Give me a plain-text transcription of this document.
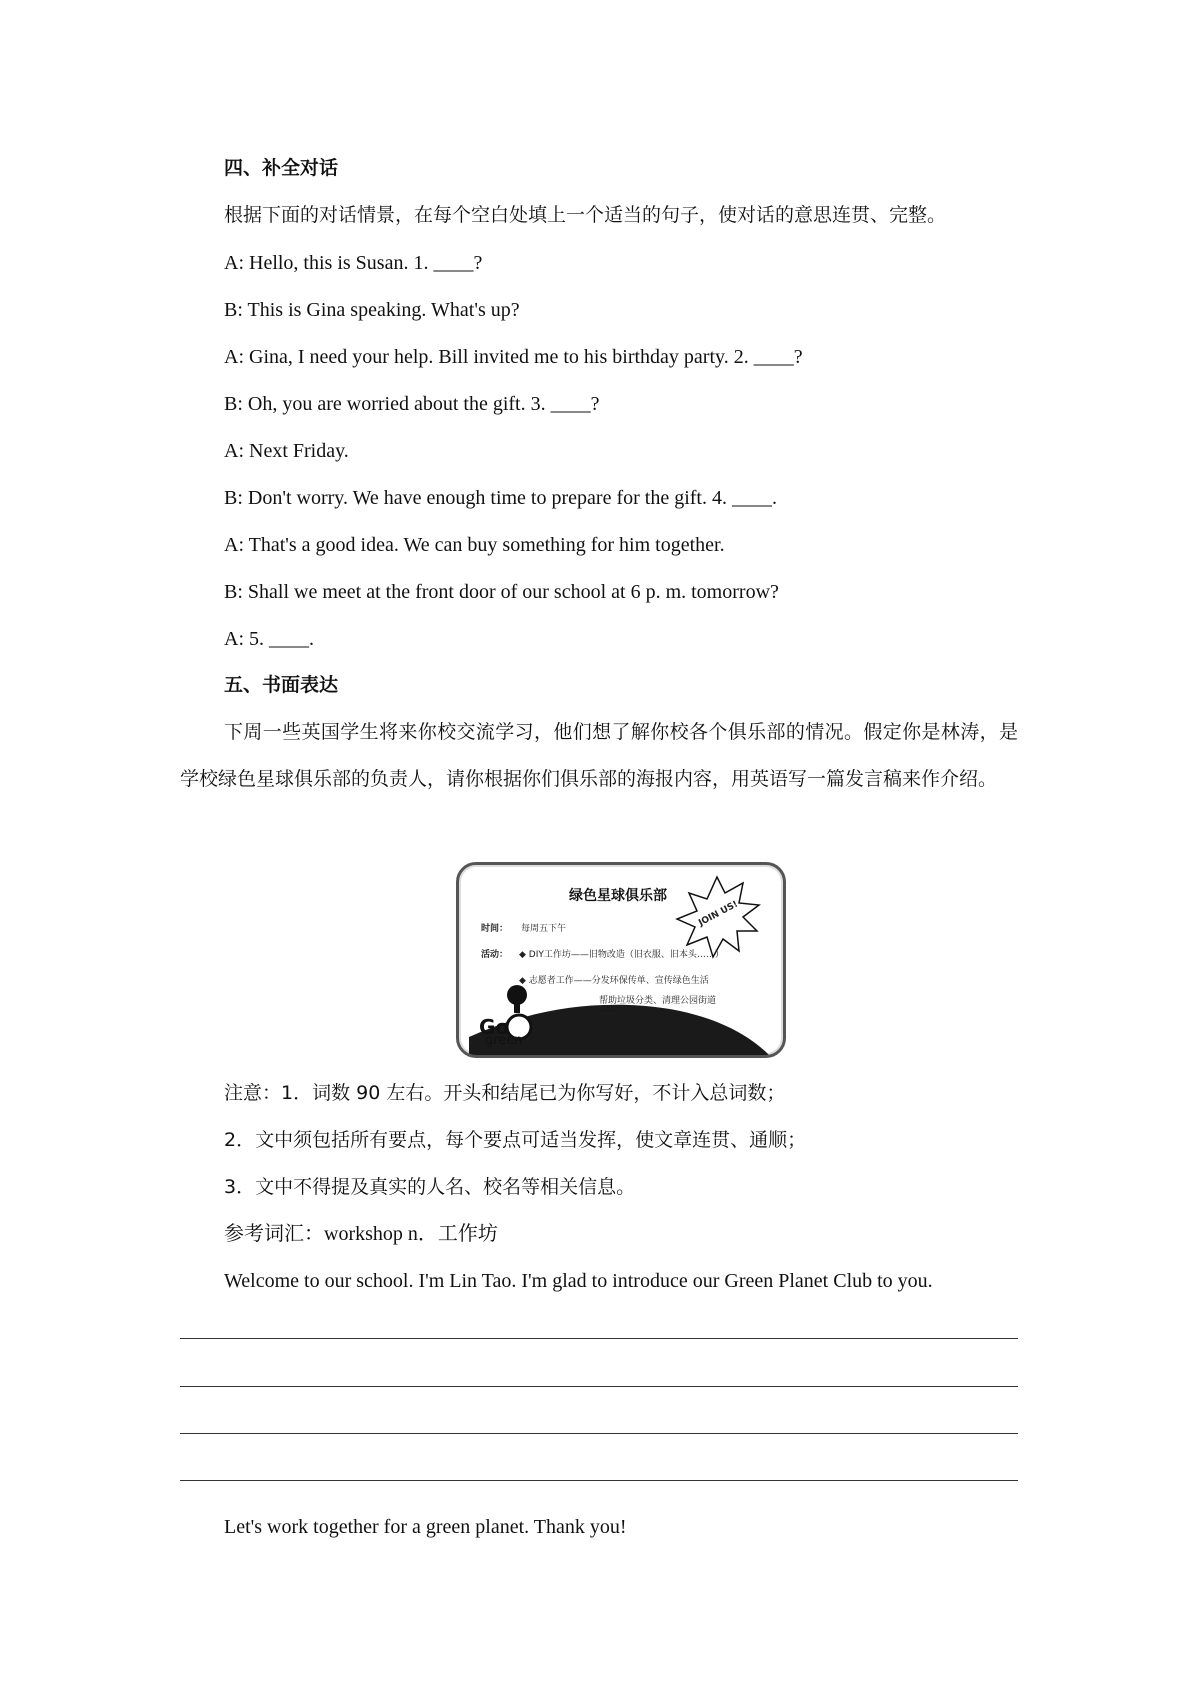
四、补全对话
根据下面的对话情景，在每个空白处填上一个适当的句子，使对话的意思连贯、完整。
A: Hello, this is Susan. 1. ____?
B: This is Gina speaking. What's up?
A: Gina, I need your help. Bill invited me to his birthday party. 2. ____?
B: Oh, you are worried about the gift. 3. ____?
A: Next Friday.
B: Don't worry. We have enough time to prepare for the gift. 4. ____.
A: That's a good idea. We can buy something for him together.
B: Shall we meet at the front door of our school at 6 p. m. tomorrow?
A: 5. ____.
五、书面表达
下周一些英国学生将来你校交流学习，他们想了解你校各个俱乐部的情况。假定你是林涛，是学校绿色星球俱乐部的负责人，请你根据你们俱乐部的海报内容，用英语写一篇发言稿来作介绍。
绿色星球俱乐部
JOIN US!
时间： 每周五下午
活动： ◆ DIY工作坊——旧物改造（旧衣服、旧本头……）
◆ 志愿者工作——分发环保传单、宣传绿色生活
帮助垃圾分类、清理公园街道
……
Go
green
注意：1．词数 90 左右。开头和结尾已为你写好，不计入总词数；
2．文中须包括所有要点，每个要点可适当发挥，使文章连贯、通顺；
3．文中不得提及真实的人名、校名等相关信息。
参考词汇：workshop n．工作坊
Welcome to our school. I'm Lin Tao. I'm glad to introduce our Green Planet Club to you.
Let's work together for a green planet. Thank you!
